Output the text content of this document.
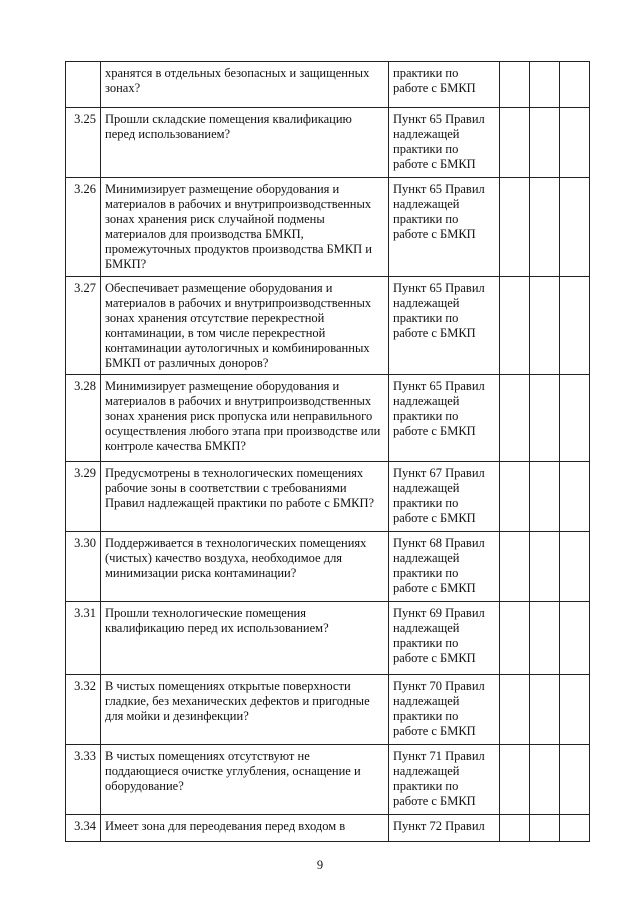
	хранятся в отдельных безопасных и защищенных зонах?	практики по работе с БМКП			
3.25	Прошли складские помещения квалификацию перед использованием?	Пункт 65 Правил надлежащей практики по работе с БМКП			
3.26	Минимизирует размещение оборудования и материалов в рабочих и внутрипроизводственных зонах хранения риск случайной подмены материалов для производства БМКП, промежуточных продуктов производства БМКП и БМКП?	Пункт 65 Правил надлежащей практики по работе с БМКП			
3.27	Обеспечивает размещение оборудования и материалов в рабочих и внутрипроизводственных зонах хранения отсутствие перекрестной контаминации, в том числе перекрестной контаминации аутологичных и комбинированных БМКП от различных доноров?	Пункт 65 Правил надлежащей практики по работе с БМКП			
3.28	Минимизирует размещение оборудования и материалов в рабочих и внутрипроизводственных зонах хранения риск пропуска или неправильного осуществления любого этапа при производстве или контроле качества БМКП?	Пункт 65 Правил надлежащей практики по работе с БМКП			
3.29	Предусмотрены в технологических помещениях рабочие зоны в соответствии с требованиями Правил надлежащей практики по работе с БМКП?	Пункт 67 Правил надлежащей практики по работе с БМКП			
3.30	Поддерживается в технологических помещениях (чистых) качество воздуха, необходимое для минимизации риска контаминации?	Пункт 68 Правил надлежащей практики по работе с БМКП			
3.31	Прошли технологические помещения квалификацию перед их использованием?	Пункт 69 Правил надлежащей практики по работе с БМКП			
3.32	В чистых помещениях открытые поверхности гладкие, без механических дефектов и пригодные для мойки и дезинфекции?	Пункт 70 Правил надлежащей практики по работе с БМКП			
3.33	В чистых помещениях отсутствуют не поддающиеся очистке углубления, оснащение и оборудование?	Пункт 71 Правил надлежащей практики по работе с БМКП			
3.34	Имеет зона для переодевания перед входом в	Пункт 72 Правил			
9
